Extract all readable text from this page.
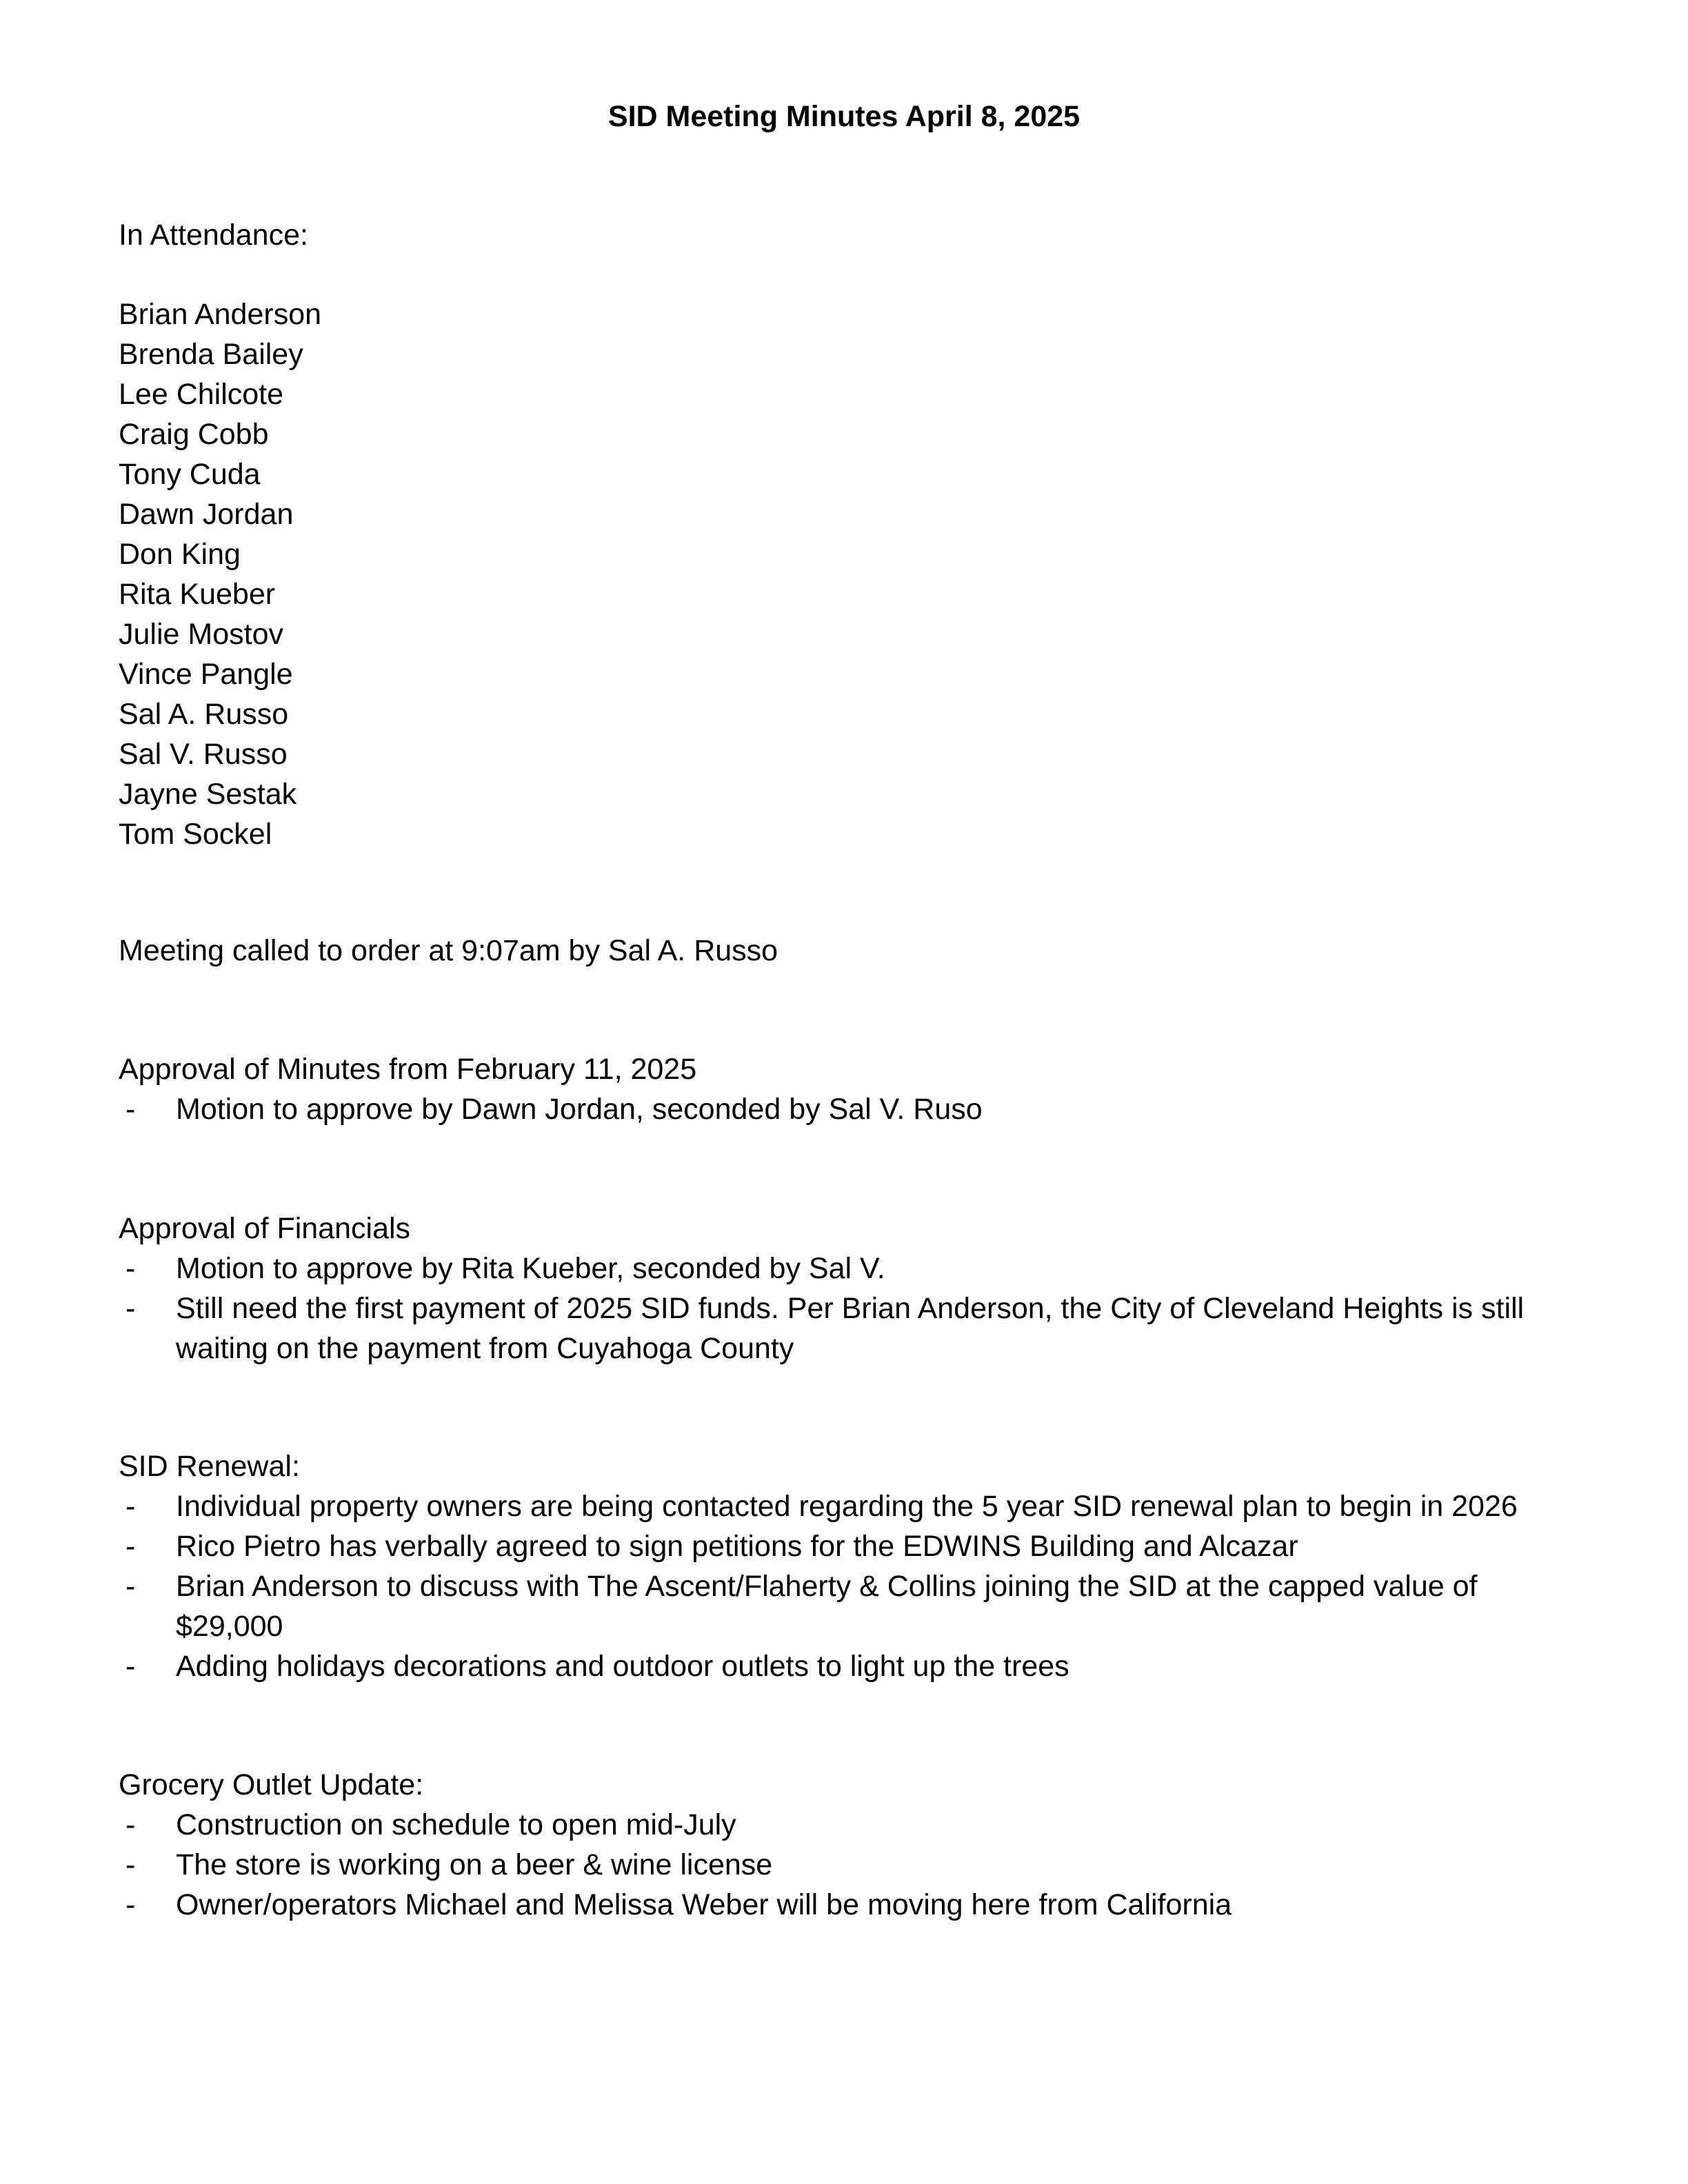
SID Meeting Minutes April 8, 2025
In Attendance:
Brian Anderson
Brenda Bailey
Lee Chilcote
Craig Cobb
Tony Cuda
Dawn Jordan
Don King
Rita Kueber
Julie Mostov
Vince Pangle
Sal A. Russo
Sal V. Russo
Jayne Sestak
Tom Sockel
Meeting called to order at 9:07am by Sal A. Russo
Approval of Minutes from February 11, 2025
- Motion to approve by Dawn Jordan, seconded by Sal V. Ruso
Approval of Financials
- Motion to approve by Rita Kueber, seconded by Sal V.
- Still need the first payment of 2025 SID funds. Per Brian Anderson, the City of Cleveland Heights is still waiting on the payment from Cuyahoga County
SID Renewal:
- Individual property owners are being contacted regarding the 5 year SID renewal plan to begin in 2026
- Rico Pietro has verbally agreed to sign petitions for the EDWINS Building and Alcazar
- Brian Anderson to discuss with The Ascent/Flaherty & Collins joining the SID at the capped value of $29,000
- Adding holidays decorations and outdoor outlets to light up the trees
Grocery Outlet Update:
- Construction on schedule to open mid-July
- The store is working on a beer & wine license
- Owner/operators Michael and Melissa Weber will be moving here from California
